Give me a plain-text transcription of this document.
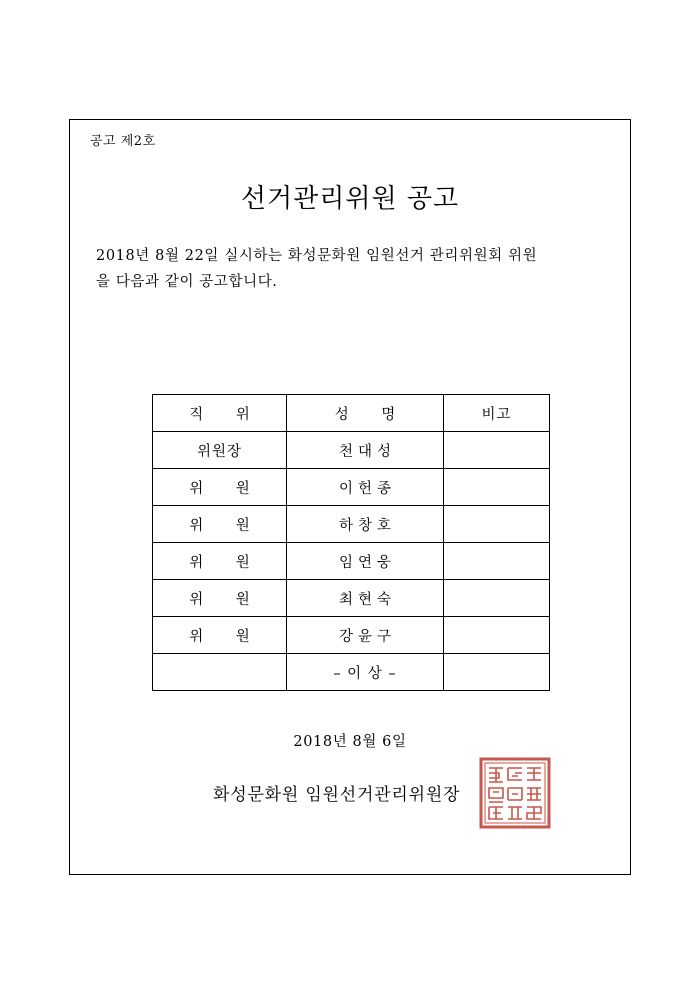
공고 제2호
선거관리위원 공고
2018년 8월 22일 실시하는 화성문화원 임원선거 관리위원회 위원
을 다음과 같이 공고합니다.
직 위	성 명	비고
위원장	천대성	
위 원	이헌종	
위 원	하창호	
위 원	임연웅	
위 원	최현숙	
위 원	강윤구	
	– 이 상 –	
2018년 8월 6일
화성문화원 임원선거관리위원장
